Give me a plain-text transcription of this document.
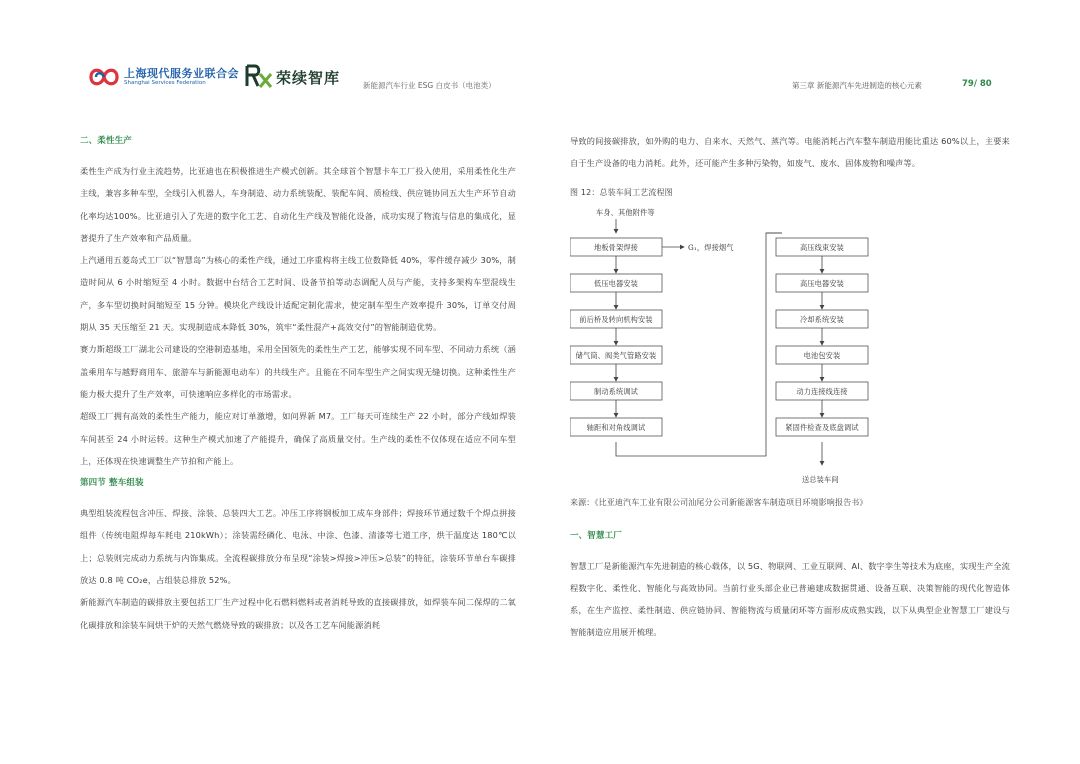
上海现代服务业联合会
Shanghai Services Federation	荣续智库	新能源汽车行业 ESG 白皮书（电池类）	第三章 新能源汽车先进制造的核心元素	79/ 80
二、柔性生产

柔性生产成为行业主流趋势，比亚迪也在积极推进生产模式创新。其全球首个智慧卡车工厂投入使用，采用柔性化生产主线，兼容多种车型，全线引入机器人，车身制造、动力系统装配、装配车间、质检线、供应链协同五大生产环节自动化率均达100%。比亚迪引入了先进的数字化工艺、自动化生产线及智能化设备，成功实现了物流与信息的集成化，显著提升了生产效率和产品质量。

上汽通用五菱岛式工厂以“智慧岛”为核心的柔性产线，通过工序重构将主线工位数降低 40%，零件缓存减少 30%，制造时间从 6 小时缩短至 4 小时。数据中台结合工艺时间、设备节拍等动态调配人员与产能，支持多架构车型混线生产，多车型切换时间缩短至 15 分钟。模块化产线设计适配定制化需求，使定制车型生产效率提升 30%，订单交付周期从 35 天压缩至 21 天。实现制造成本降低 30%，筑牢“柔性混产+高效交付”的智能制造优势。

赛力斯超级工厂湖北公司建设的空港制造基地，采用全国领先的柔性生产工艺，能够实现不同车型、不同动力系统（涵盖乘用车与越野商用车、旅游车与新能源电动车）的共线生产。且能在不同车型生产之间实现无缝切换。这种柔性生产能力极大提升了生产效率，可快速响应多样化的市场需求。

超级工厂拥有高效的柔性生产能力，能应对订单激增，如问界新 M7。工厂每天可连续生产 22 小时，部分产线如焊装车间甚至 24 小时运转。这种生产模式加速了产能提升，确保了高质量交付。生产线的柔性不仅体现在适应不同车型上，还体现在快速调整生产节拍和产能上。

第四节 整车组装

典型组装流程包含冲压、焊接、涂装、总装四大工艺。冲压工序将钢板加工成车身部件；焊接环节通过数千个焊点拼接组件（传统电阻焊每车耗电 210kWh）；涂装需经磷化、电泳、中涂、色漆、清漆等七道工序，烘干温度达 180℃以上；总装则完成动力系统与内饰集成。全流程碳排放分布呈现“涂装>焊接>冲压>总装”的特征，涂装环节单台车碳排放达 0.8 吨 CO₂e，占组装总排放 52%。

新能源汽车制造的碳排放主要包括工厂生产过程中化石燃料燃料或者消耗导致的直接碳排放，如焊装车间二保焊的二氧化碳排放和涂装车间烘干炉的天然气燃烧导致的碳排放；以及各工艺车间能源消耗

导致的间接碳排放，如外购的电力、自来水、天然气、蒸汽等。电能消耗占汽车整车制造用能比重达 60%以上，主要来自于生产设备的电力消耗。此外，还可能产生多种污染物，如废气、废水、固体废物和噪声等。

图 12：总装车间工艺流程图
车身、其他附件等
G₁，焊接烟气
送总装车间
地板骨架焊接
低压电器安装
前后桥及转向机构安装
储气筒、阀类气管路安装
制动系统调试
轴距和对角线调试
高压线束安装
高压电器安装
冷却系统安装
电池包安装
动力连接线连接
紧固件检查及底盘调试
来源：《比亚迪汽车工业有限公司汕尾分公司新能源客车制造项目环境影响报告书》
一、智慧工厂

智慧工厂是新能源汽车先进制造的核心载体，以 5G、物联网、工业互联网、AI、数字孪生等技术为底座，实现生产全流程数字化、柔性化、智能化与高效协同。当前行业头部企业已普遍建成数据贯通、设备互联、决策智能的现代化智造体系，在生产监控、柔性制造、供应链协同、智能物流与质量闭环等方面形成成熟实践，以下从典型企业智慧工厂建设与智能制造应用展开梳理。
